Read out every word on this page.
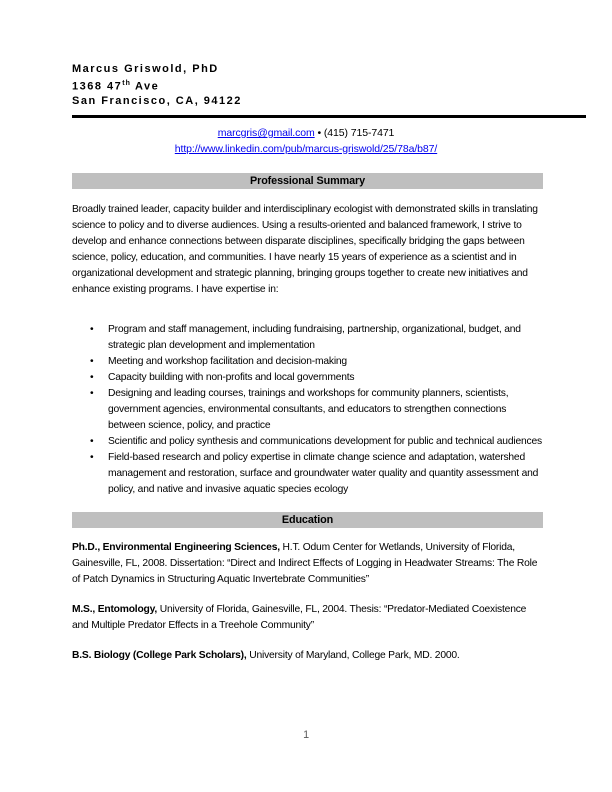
Marcus Griswold, PhD
1368 47th Ave
San Francisco, CA, 94122
marcgris@gmail.com • (415) 715-7471
http://www.linkedin.com/pub/marcus-griswold/25/78a/b87/
Professional Summary
Broadly trained leader, capacity builder and interdisciplinary ecologist with demonstrated skills in translating science to policy and to diverse audiences. Using a results-oriented and balanced framework, I strive to develop and enhance connections between disparate disciplines, specifically bridging the gaps between science, policy, education, and communities. I have nearly 15 years of experience as a scientist and in organizational development and strategic planning, bringing groups together to create new initiatives and enhance existing programs. I have expertise in:
• Program and staff management, including fundraising, partnership, organizational, budget, and strategic plan development and implementation
• Meeting and workshop facilitation and decision-making
• Capacity building with non-profits and local governments
• Designing and leading courses, trainings and workshops for community planners, scientists, government agencies, environmental consultants, and educators to strengthen connections between science, policy, and practice
• Scientific and policy synthesis and communications development for public and technical audiences
• Field-based research and policy expertise in climate change science and adaptation, watershed management and restoration, surface and groundwater water quality and quantity assessment and policy, and native and invasive aquatic species ecology
Education

Ph.D., Environmental Engineering Sciences, H.T. Odum Center for Wetlands, University of Florida, Gainesville, FL, 2008. Dissertation: “Direct and Indirect Effects of Logging in Headwater Streams: The Role of Patch Dynamics in Structuring Aquatic Invertebrate Communities”

M.S., Entomology, University of Florida, Gainesville, FL, 2004. Thesis: “Predator-Mediated Coexistence and Multiple Predator Effects in a Treehole Community”

B.S. Biology (College Park Scholars), University of Maryland, College Park, MD. 2000.

1
